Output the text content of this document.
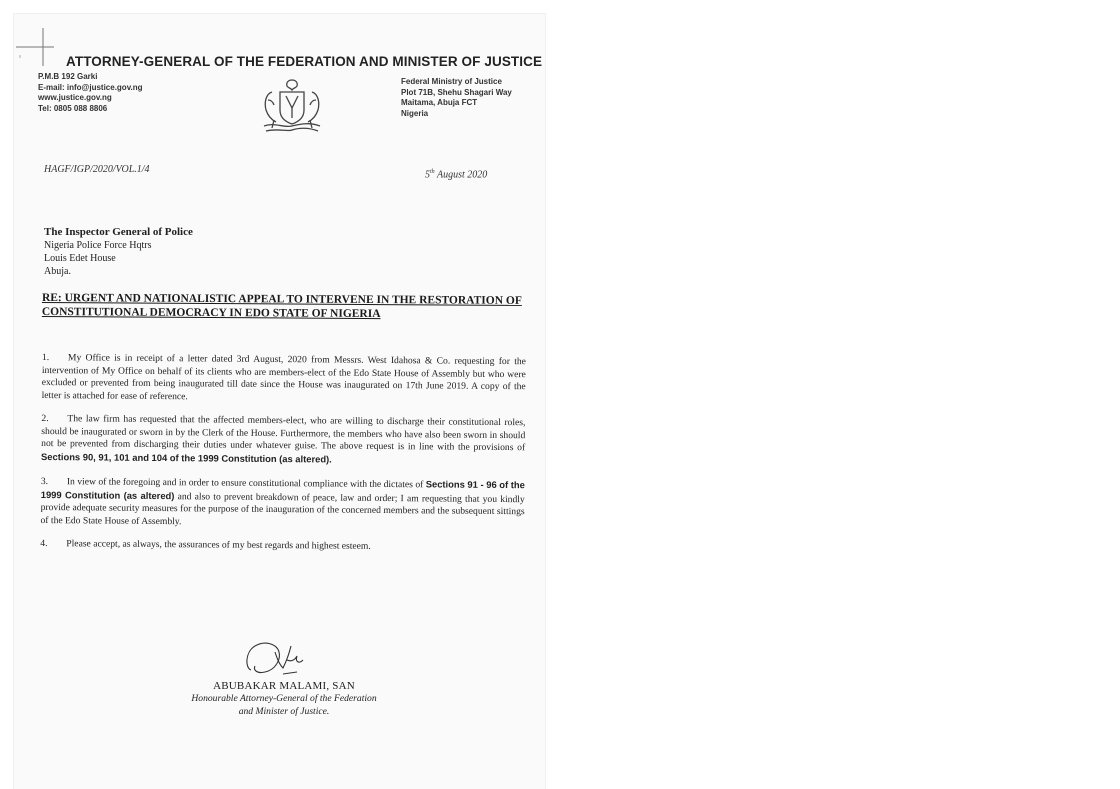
ATTORNEY-GENERAL OF THE FEDERATION AND MINISTER OF JUSTICE
P.M.B 192 Garki
E-mail: info@justice.gov.ng
www.justice.gov.ng
Tel: 0805 088 8806
Federal Ministry of Justice
Plot 71B, Shehu Shagari Way
Maitama, Abuja FCT
Nigeria
HAGF/IGP/2020/VOL.1/4	5th August 2020
The Inspector General of Police
Nigeria Police Force Hqtrs
Louis Edet House
Abuja.
RE: URGENT AND NATIONALISTIC APPEAL TO INTERVENE IN THE RESTORATION OF CONSTITUTIONAL DEMOCRACY IN EDO STATE OF NIGERIA

1. My Office is in receipt of a letter dated 3rd August, 2020 from Messrs. West Idahosa & Co. requesting for the intervention of My Office on behalf of its clients who are members-elect of the Edo State House of Assembly but who were excluded or prevented from being inaugurated till date since the House was inaugurated on 17th June 2019. A copy of the letter is attached for ease of reference.

2. The law firm has requested that the affected members-elect, who are willing to discharge their constitutional roles, should be inaugurated or sworn in by the Clerk of the House. Furthermore, the members who have also been sworn in should not be prevented from discharging their duties under whatever guise. The above request is in line with the provisions of Sections 90, 91, 101 and 104 of the 1999 Constitution (as altered).

3. In view of the foregoing and in order to ensure constitutional compliance with the dictates of Sections 91 - 96 of the 1999 Constitution (as altered) and also to prevent breakdown of peace, law and order; I am requesting that you kindly provide adequate security measures for the purpose of the inauguration of the concerned members and the subsequent sittings of the Edo State House of Assembly.

4. Please accept, as always, the assurances of my best regards and highest esteem.

ABUBAKAR MALAMI, SAN
Honourable Attorney-General of the Federation
and Minister of Justice.
